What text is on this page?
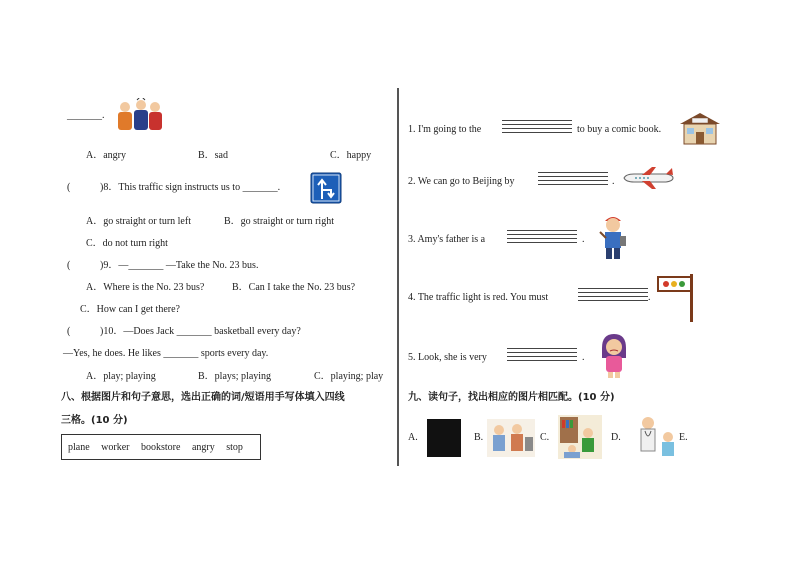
_______.
A．angry	B．sad	C．happy
(	)8．This traffic sign instructs us to _______.
A．go straight or turn left	B．go straight or turn right
C．do not turn right
(	)9．—_______ —Take the No. 23 bus.
A．Where is the No. 23 bus?	B．Can I take the No. 23 bus?
C．How can I get there?
(	)10．—Does Jack _______ basketball every day?
—Yes, he does. He likes _______ sports every day.
A．play; playing	B．plays; playing	C．playing; play
八、根据图片和句子意思，选出正确的词/短语用手写体填入四线
三格。(10 分)
plane worker bookstore angry stop
1. I'm going to the	to buy a comic book.
2. We can go to Beijing by	.
3. Amy's father is a	.
4. The traffic light is red. You must	.
5. Look, she is very	.
九、读句子，找出相应的图片相匹配。(10 分)
A.	B.	C.	D.	E.
